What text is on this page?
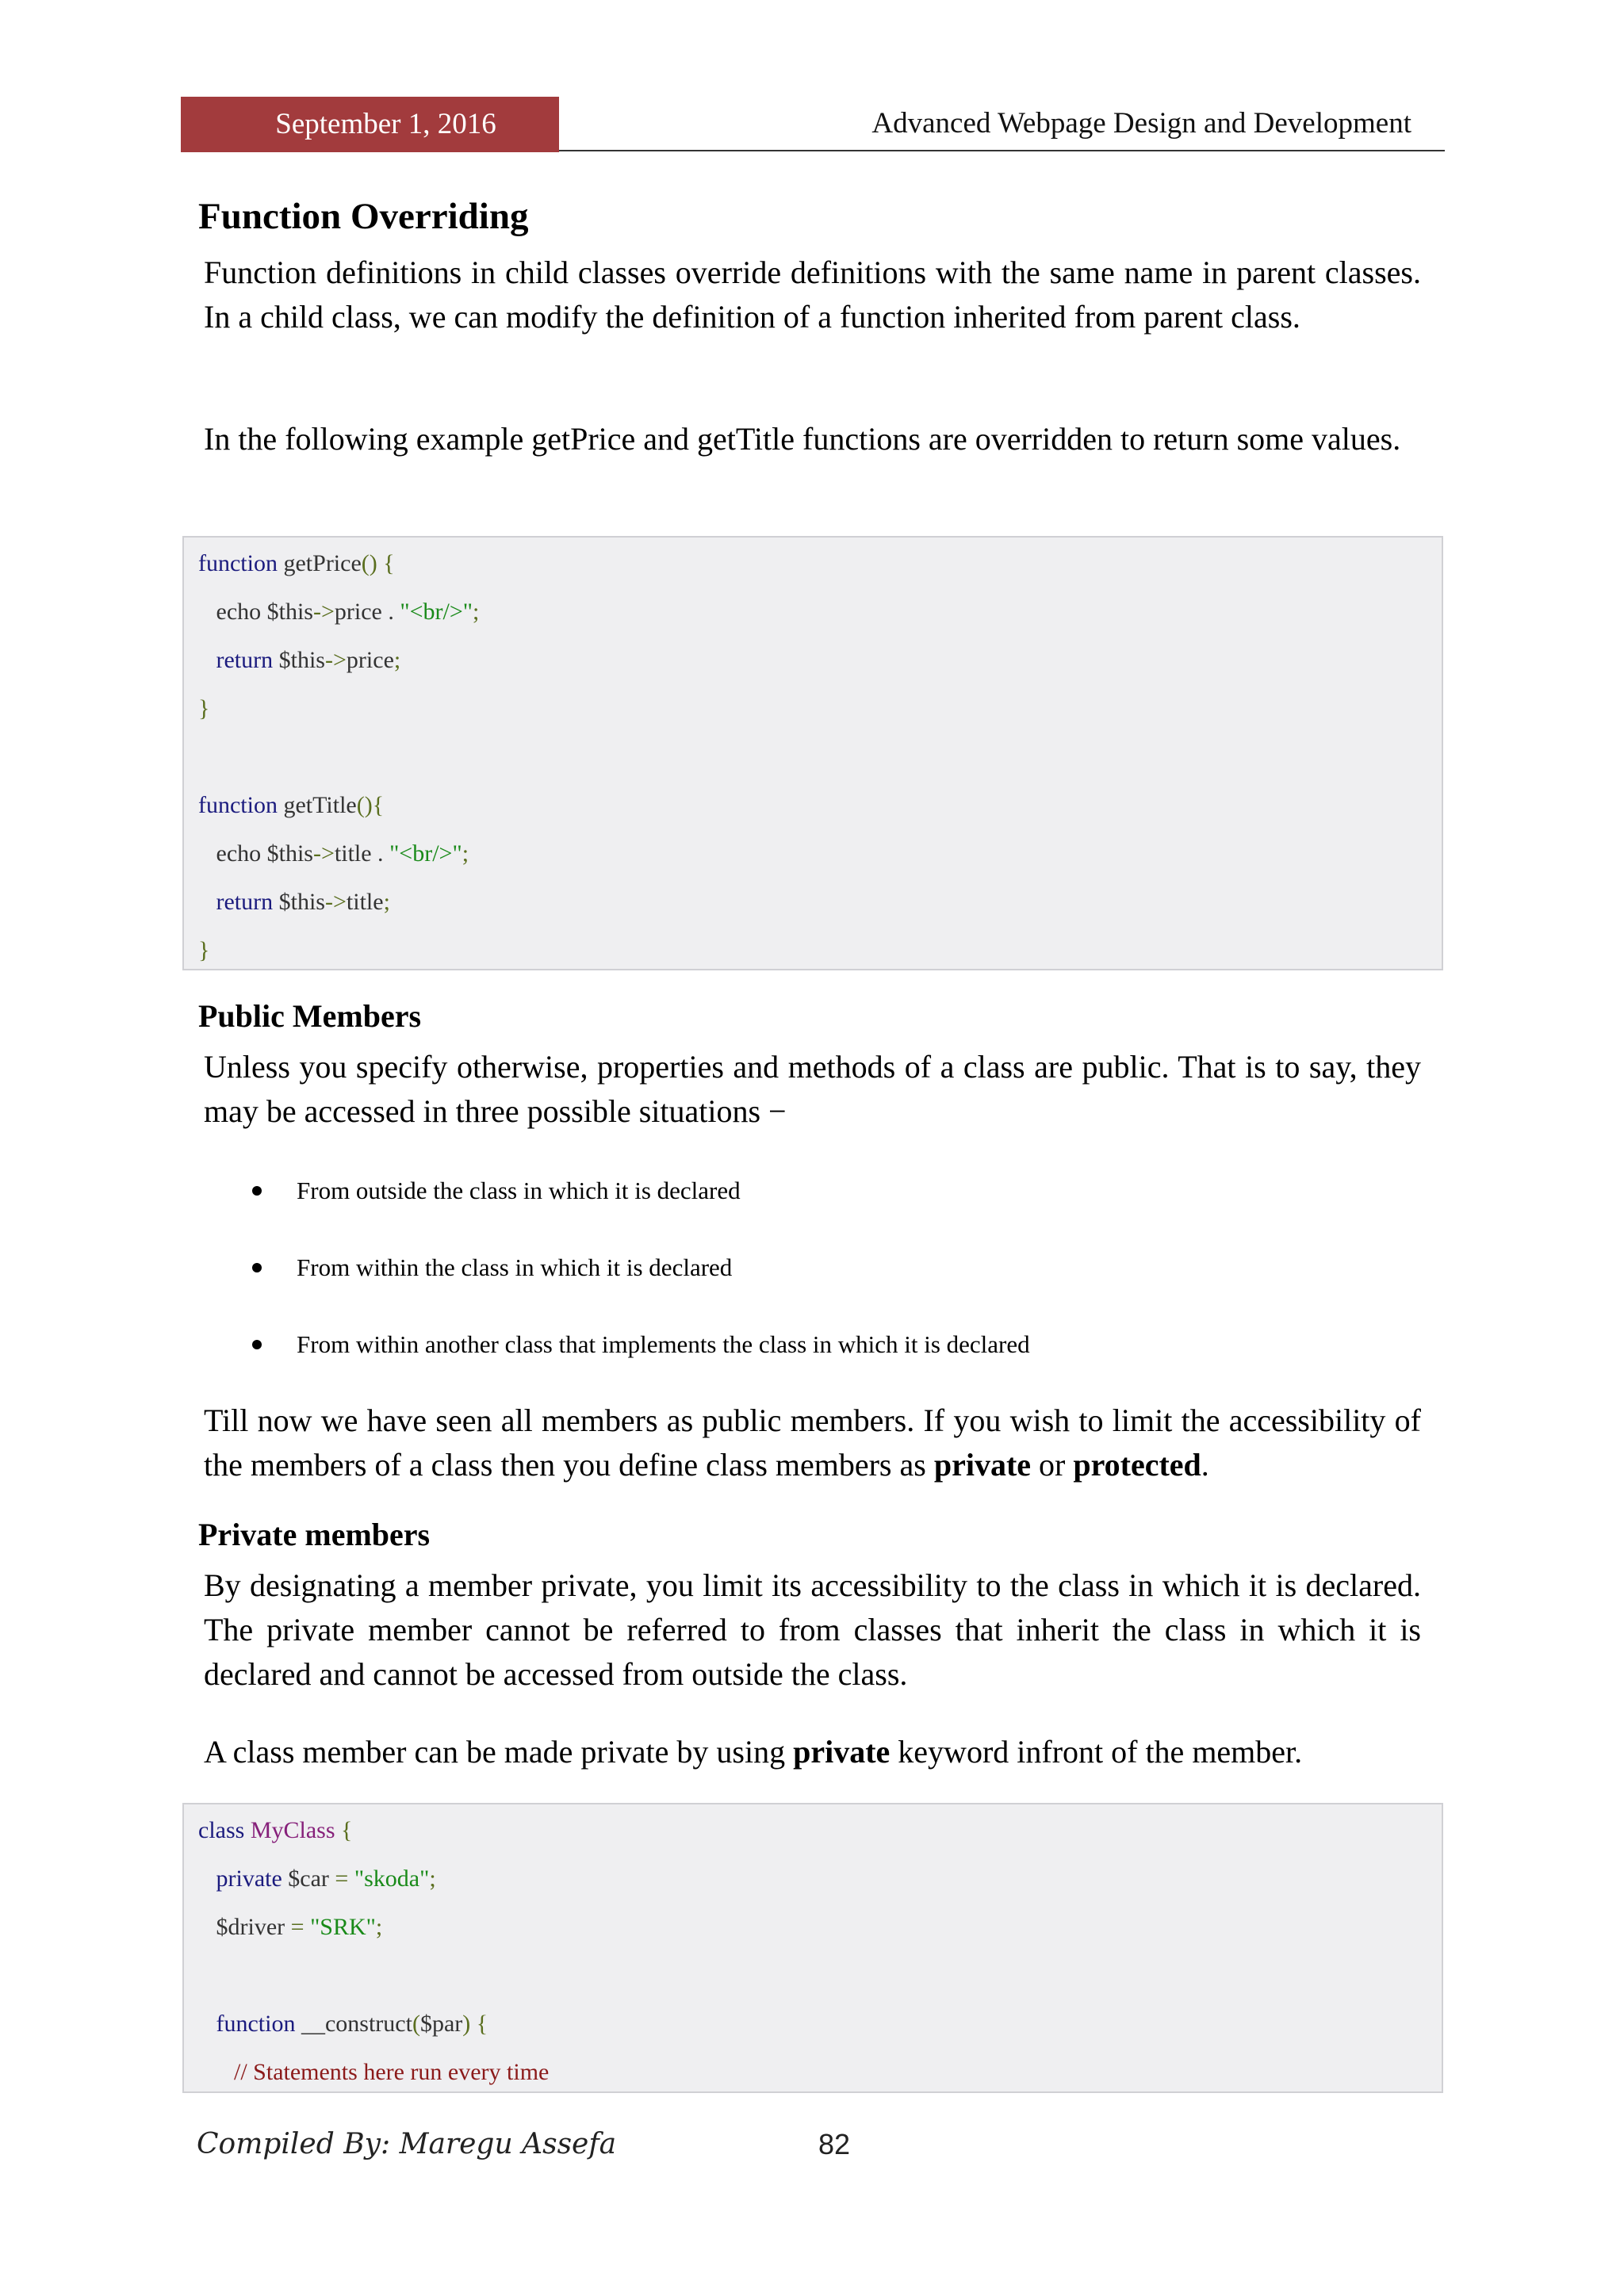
September 1, 2016	Advanced Webpage Design and Development
Function Overriding
Function definitions in child classes override definitions with the same name in parent classes. In a child class, we can modify the definition of a function inherited from parent class.
In the following example getPrice and getTitle functions are overridden to return some values.
function getPrice() {
echo $this->price . "<br/>";
return $this->price;
}

function getTitle(){
echo $this->title . "<br/>";
return $this->title;
}
Public Members
Unless you specify otherwise, properties and methods of a class are public. That is to say, they may be accessed in three possible situations −
From outside the class in which it is declared
From within the class in which it is declared
From within another class that implements the class in which it is declared
Till now we have seen all members as public members. If you wish to limit the accessibility of the members of a class then you define class members as private or protected.
Private members
By designating a member private, you limit its accessibility to the class in which it is declared. The private member cannot be referred to from classes that inherit the class in which it is declared and cannot be accessed from outside the class.
A class member can be made private by using private keyword infront of the member.
class MyClass {
private $car = "skoda";
$driver = "SRK";

function __construct($par) {
// Statements here run every time
Compiled By: Maregu Assefa	82
